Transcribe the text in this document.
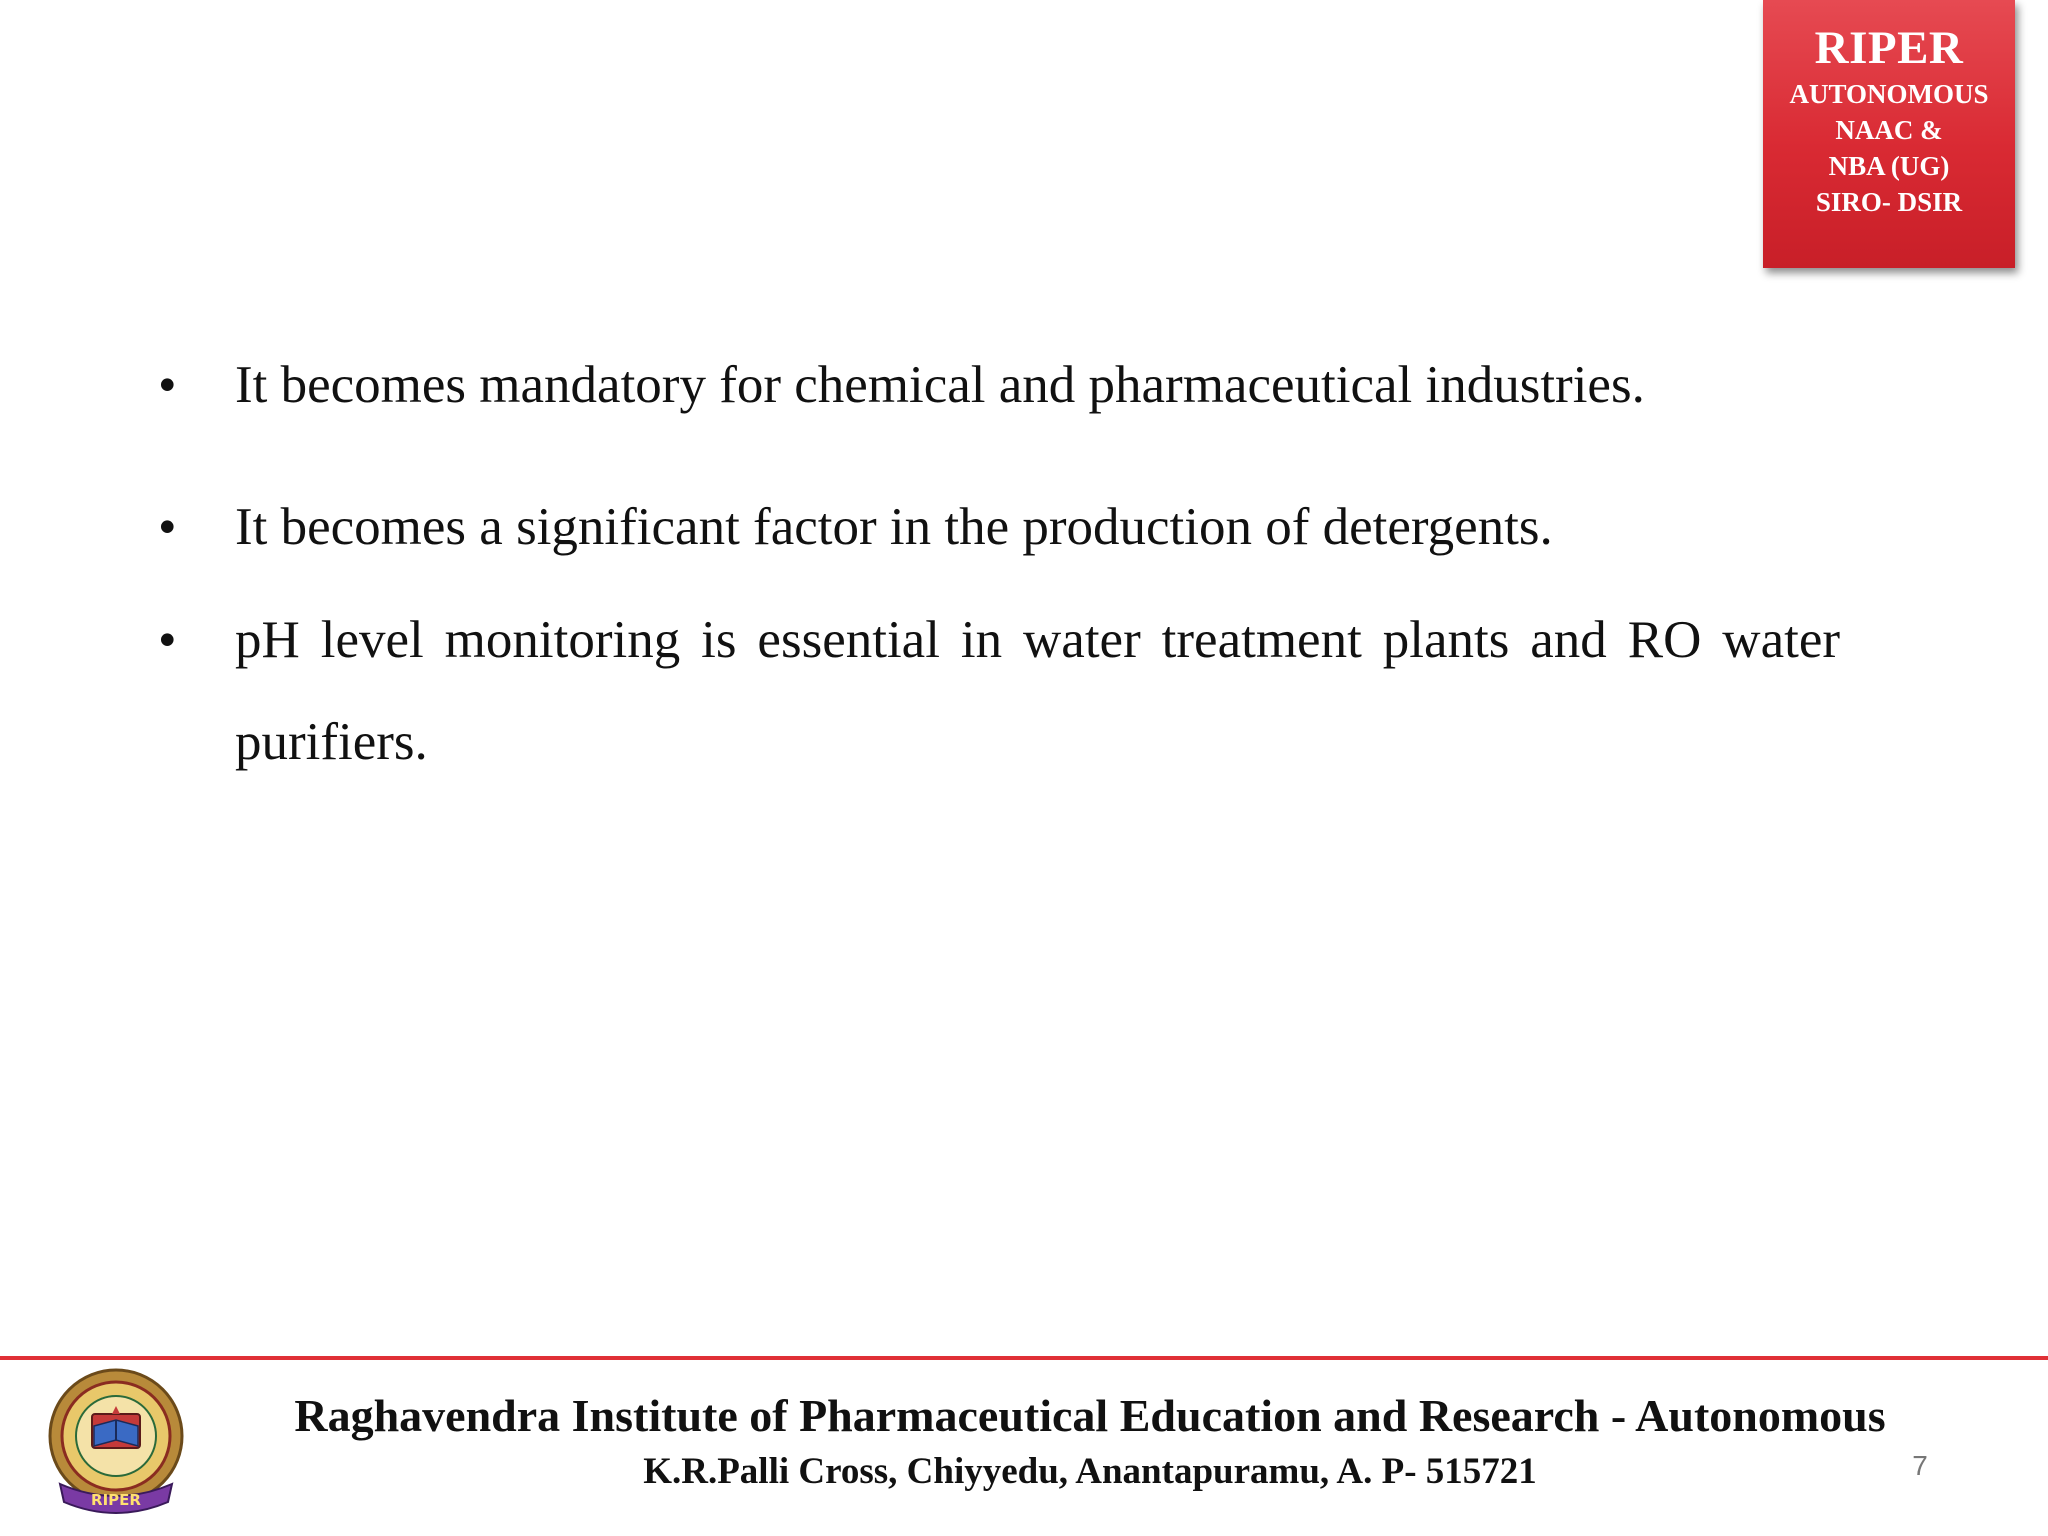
RIPER
AUTONOMOUS
NAAC &
NBA (UG)
SIRO- DSIR
• It becomes mandatory for chemical and pharmaceutical industries.
• It becomes a significant factor in the production of detergents.
• pH level monitoring is essential in water treatment plants and RO water purifiers.
RIPER
Raghavendra Institute of Pharmaceutical Education and Research - Autonomous
K.R.Palli Cross, Chiyyedu, Anantapuramu, A. P- 515721	7
